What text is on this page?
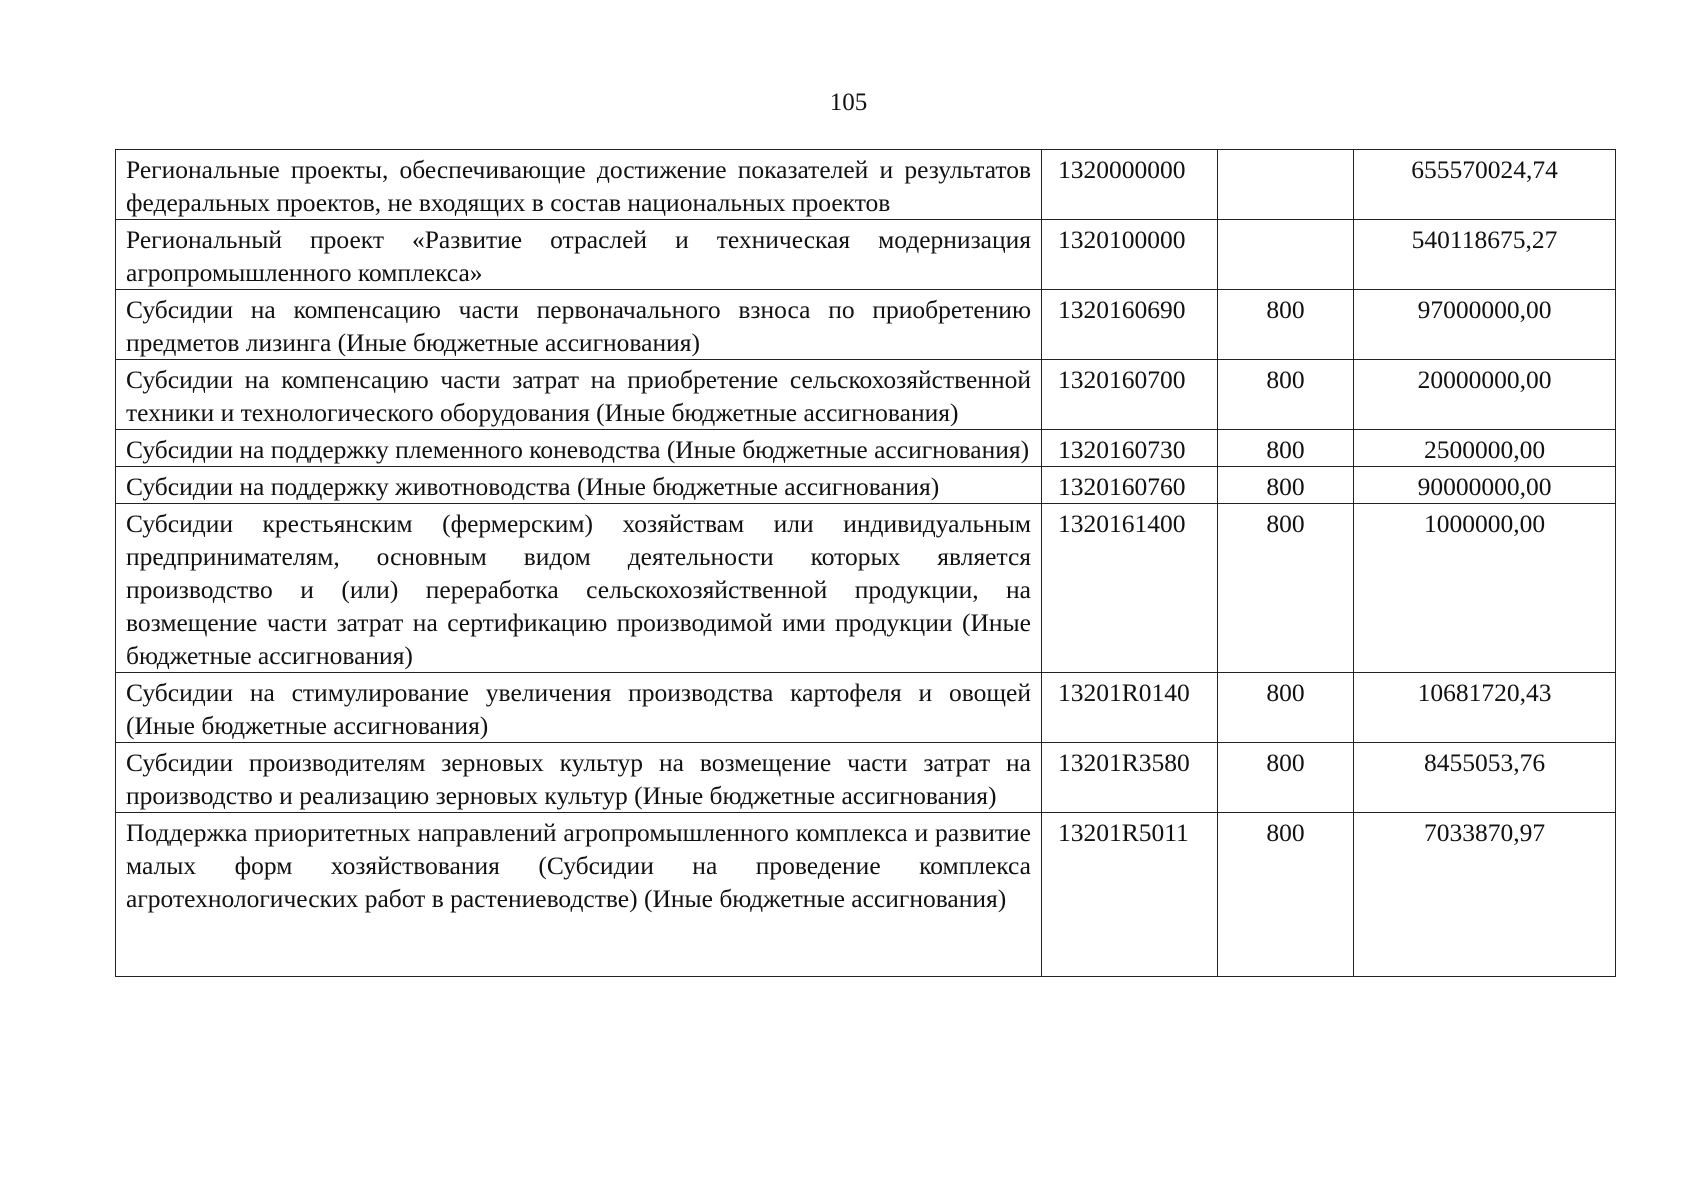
105
Региональные проекты, обеспечивающие достижение показателей и результатов федеральных проектов, не входящих в состав национальных проектов	1320000000		655570024,74
Региональный проект «Развитие отраслей и техническая модернизация агропромышленного комплекса»	1320100000		540118675,27
Субсидии на компенсацию части первоначального взноса по приобретению предметов лизинга (Иные бюджетные ассигнования)	1320160690	800	97000000,00
Субсидии на компенсацию части затрат на приобретение сельскохозяйственной техники и технологического оборудования (Иные бюджетные ассигнования)	1320160700	800	20000000,00
Субсидии на поддержку племенного коневодства (Иные бюджетные ассигнования)	1320160730	800	2500000,00
Субсидии на поддержку животноводства (Иные бюджетные ассигнования)	1320160760	800	90000000,00
Субсидии крестьянским (фермерским) хозяйствам или индивидуальным предпринимателям, основным видом деятельности которых является производство и (или) переработка сельскохозяйственной продукции, на возмещение части затрат на сертификацию производимой ими продукции (Иные бюджетные ассигнования)	1320161400	800	1000000,00
Субсидии на стимулирование увеличения производства картофеля и овощей (Иные бюджетные ассигнования)	13201R0140	800	10681720,43
Субсидии производителям зерновых культур на возмещение части затрат на производство и реализацию зерновых культур (Иные бюджетные ассигнования)	13201R3580	800	8455053,76
Поддержка приоритетных направлений агропромышленного комплекса и развитие малых форм хозяйствования (Субсидии на проведение комплекса агротехнологических работ в растениеводстве) (Иные бюджетные ассигнования)	13201R5011	800	7033870,97
